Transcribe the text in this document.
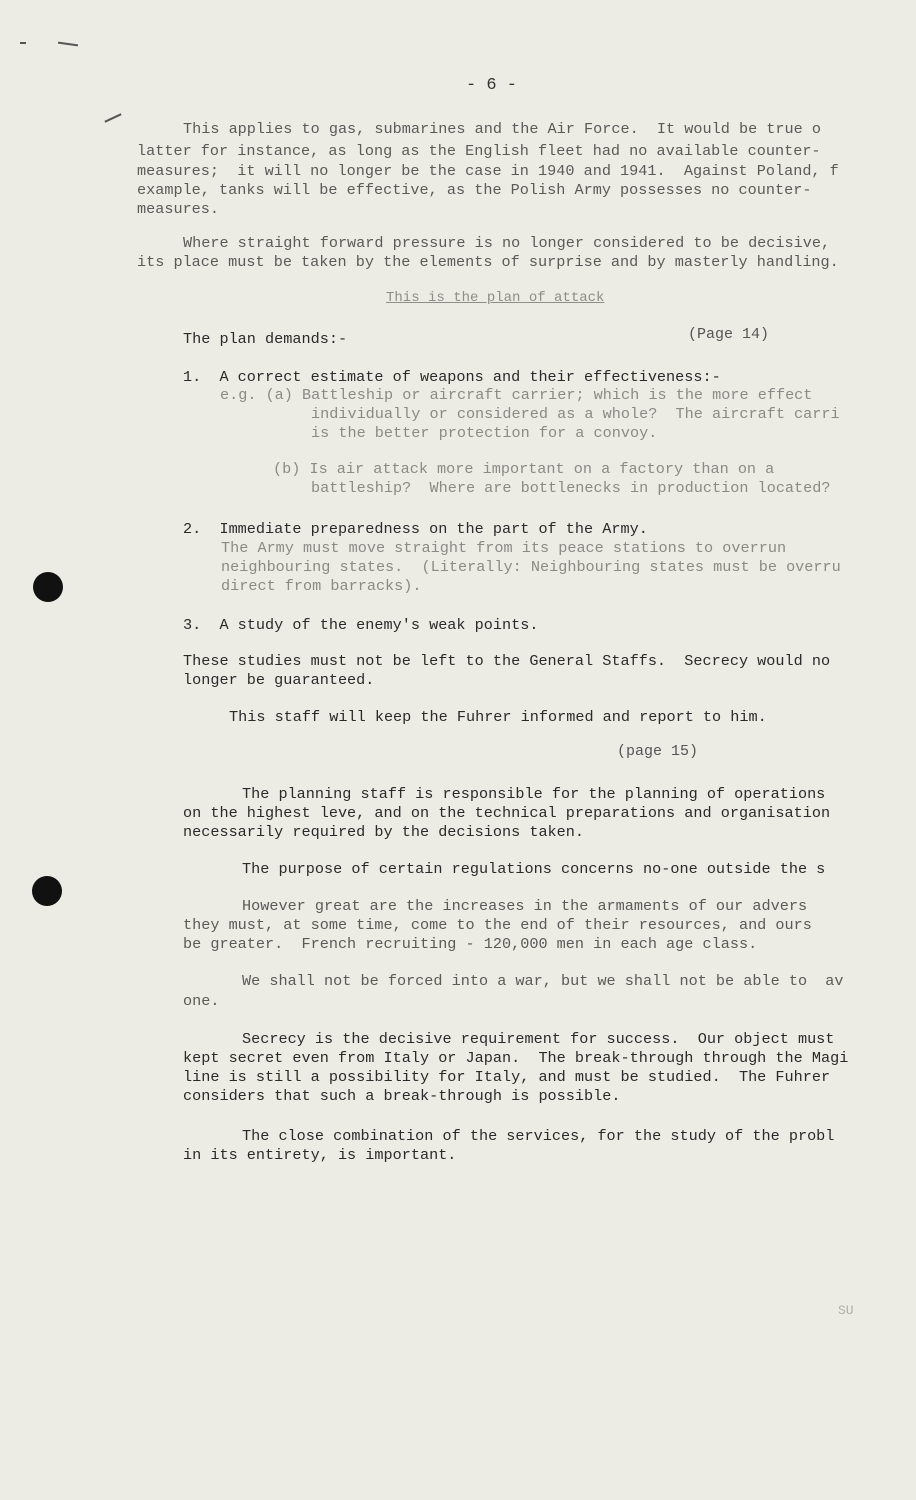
- 6 -
This applies to gas, submarines and the Air Force.  It would be true o
latter for instance, as long as the English fleet had no available counter-
measures;  it will no longer be the case in 1940 and 1941.  Against Poland, f
example, tanks will be effective, as the Polish Army possesses no counter-
measures.
Where straight forward pressure is no longer considered to be decisive,
its place must be taken by the elements of surprise and by masterly handling.
This is the plan of attack
The plan demands:-	(Page 14)
1.  A correct estimate of weapons and their effectiveness:-
e.g. (a) Battleship or aircraft carrier; which is the more effect
individually or considered as a whole?  The aircraft carri
is the better protection for a convoy.
(b) Is air attack more important on a factory than on a
battleship?  Where are bottlenecks in production located?
2.  Immediate preparedness on the part of the Army.
The Army must move straight from its peace stations to overrun
neighbouring states.  (Literally: Neighbouring states must be overru
direct from barracks).
3.  A study of the enemy's weak points.
These studies must not be left to the General Staffs.  Secrecy would no
longer be guaranteed.
This staff will keep the Fuhrer informed and report to him.
(page 15)
The planning staff is responsible for the planning of operations
on the highest leve, and on the technical preparations and organisation
necessarily required by the decisions taken.
The purpose of certain regulations concerns no-one outside the s
However great are the increases in the armaments of our advers
they must, at some time, come to the end of their resources, and ours
be greater.  French recruiting - 120,000 men in each age class.
We shall not be forced into a war, but we shall not be able to  av
one.
Secrecy is the decisive requirement for success.  Our object must
kept secret even from Italy or Japan.  The break-through through the Magi
line is still a possibility for Italy, and must be studied.  The Fuhrer
considers that such a break-through is possible.
The close combination of the services, for the study of the probl
in its entirety, is important.
SU
